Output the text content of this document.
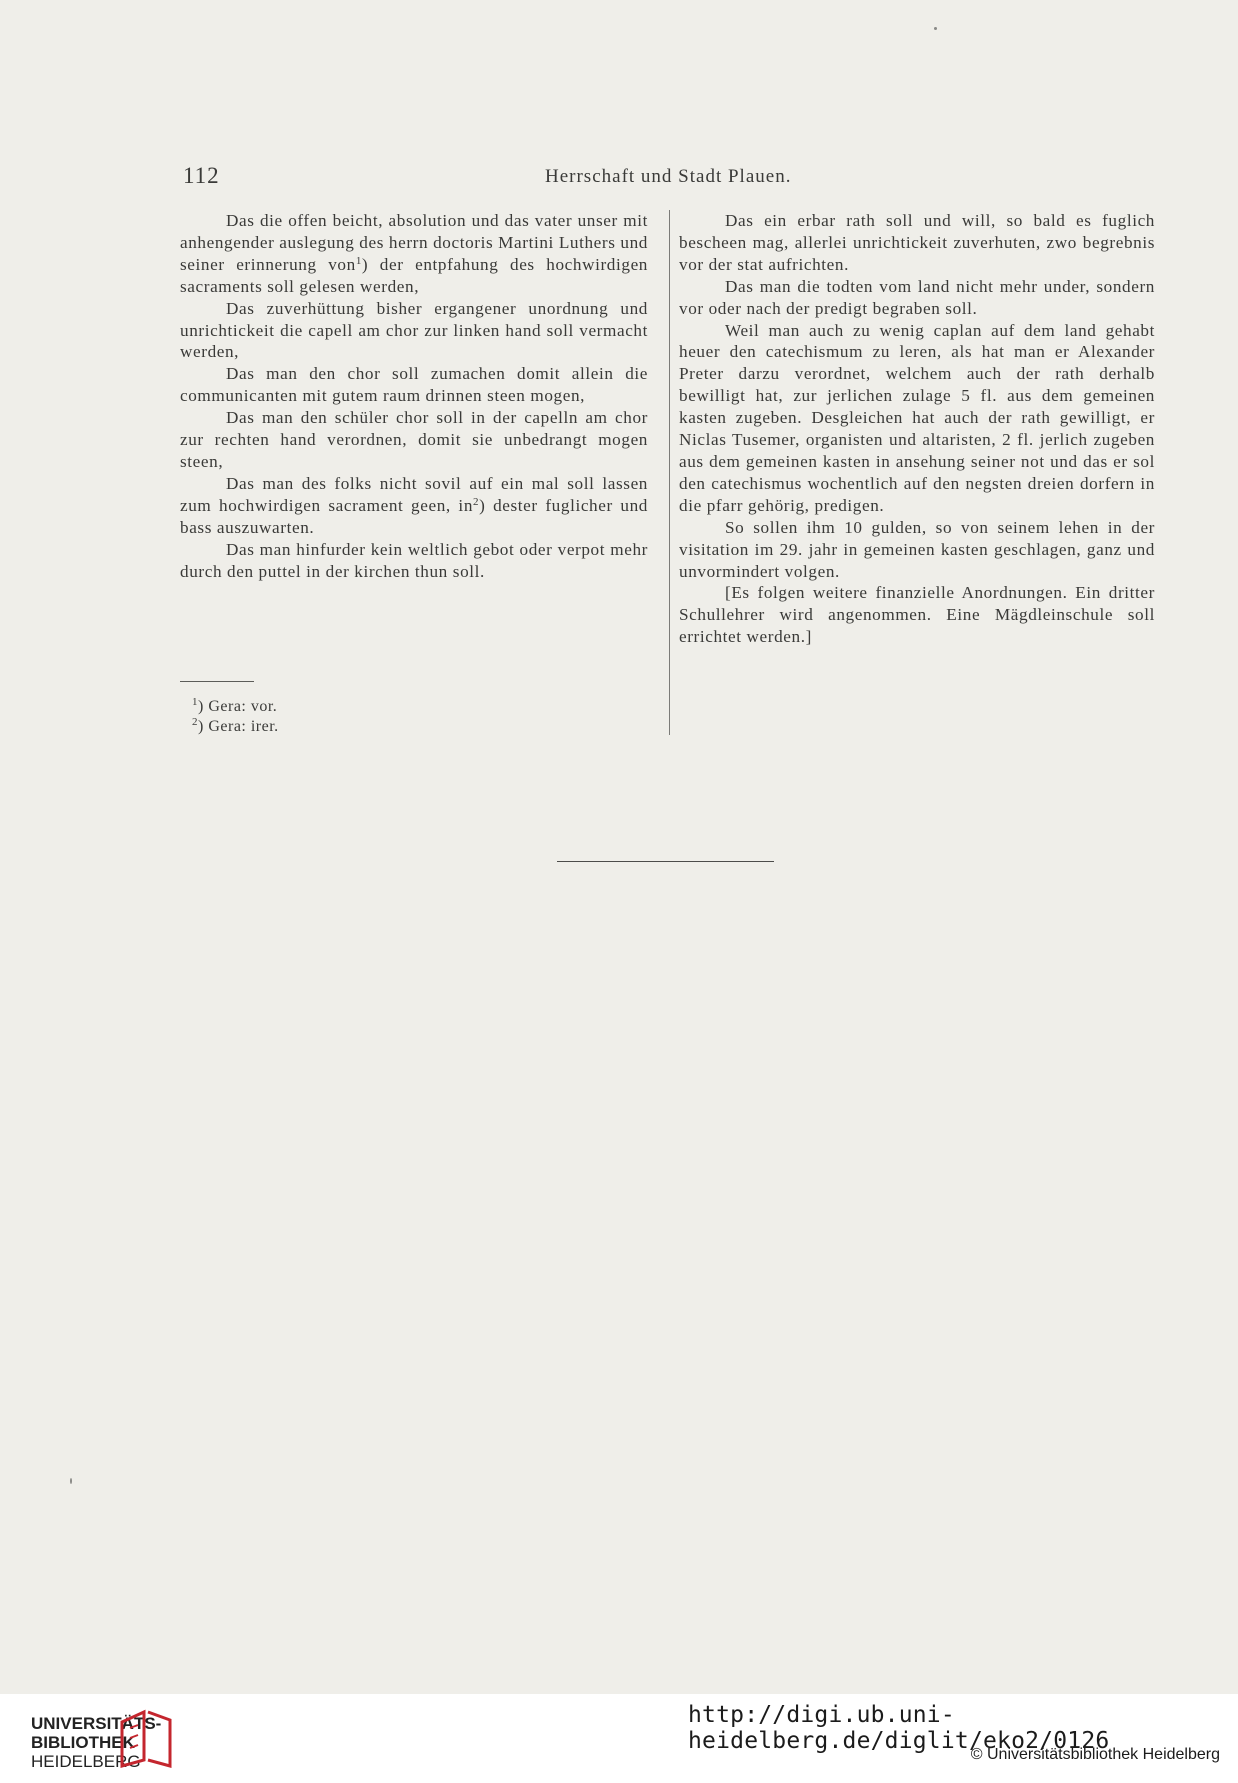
112	Herrschaft und Stadt Plauen.

Das die offen beicht, absolution und das vater unser mit anhengender auslegung des herrn doctoris Martini Luthers und seiner erinnerung von$^1$) der entpfahung des hochwirdigen sacraments soll gelesen werden,

Das zuverhüttung bisher ergangener unordnung und unrichtickeit die capell am chor zur linken hand soll vermacht werden,

Das man den chor soll zumachen domit allein die communicanten mit gutem raum drinnen steen mogen,

Das man den schüler chor soll in der capelln am chor zur rechten hand verordnen, domit sie unbedrangt mogen steen,

Das man des folks nicht sovil auf ein mal soll lassen zum hochwirdigen sacrament geen, $in^2$) dester fuglicher und bass auszuwarten.

Das man hinfurder kein weltlich gebot oder verpot mehr durch den puttel in der kirchen thun soll.

Das ein erbar rath soll und will, so bald es fuglich bescheen mag, allerlei unrichtickeit zuverhuten, zwo begrebnis vor der stat aufrichten.

Das man die todten vom land nicht mehr under, sondern vor oder nach der predigt begraben soll.

Weil man auch zu wenig caplan auf dem land gehabt heuer den catechismum zu leren, als hat man er Alexander Preter darzu verordnet, welchem auch der rath derhalb bewilligt hat, zur jerlichen zulage 5 fl. aus dem gemeinen kasten zugeben. Desgleichen hat auch der rath gewilligt, er Niclas Tusemer, organisten und altaristen, 2 fl. jerlich zugeben aus dem gemeinen kasten in ansehung seiner not und das er sol den catechismus wochentlich auf den negsten dreien dorfern in die pfarr gehörig, predigen.

So sollen ihm 10 gulden, so von seinem lehen in der visitation im 29. jahr in gemeinen kasten geschlagen, ganz und unvormindert volgen.

[Es folgen weitere finanzielle Anordnungen. Ein dritter Schullehrer wird angenommen. Eine Mägdleinschule soll errichtet werden.]

$^1$) Gera: vor.
$^2$) Gera: irer.
UNIVERSITÄTS-
BIBLIOTHEK
HEIDELBERG
http://digi.ub.uni-heidelberg.de/diglit/eko2/0126
© Universitätsbibliothek Heidelberg
